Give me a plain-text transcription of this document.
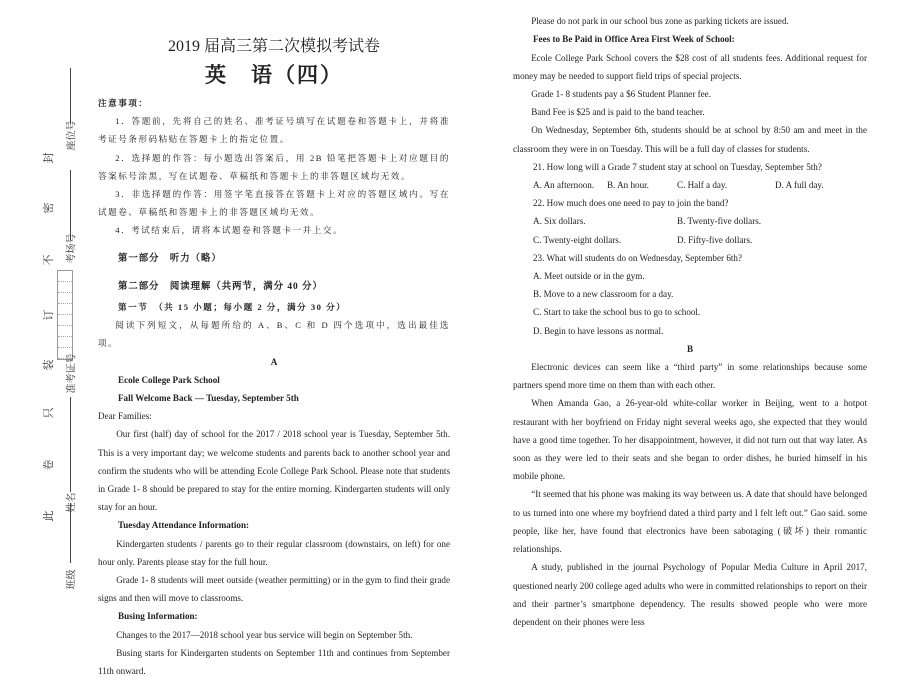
封
密
不
订
装
只
卷
此
座位号
考场号
准考证号
姓名
班级

2019 届高三第二次模拟考试卷

英　语（四）

注意事项：

1．答题前，先将自己的姓名、准考证号填写在试题卷和答题卡上，并将准考证号条形码粘贴在答题卡上的指定位置。

2．选择题的作答：每小题选出答案后，用 2B 铅笔把答题卡上对应题目的答案标号涂黑，写在试题卷、草稿纸和答题卡上的非答题区域均无效。

3．非选择题的作答：用签字笔直接答在答题卡上对应的答题区域内。写在试题卷、草稿纸和答题卡上的非答题区域均无效。

4．考试结束后，请将本试题卷和答题卡一并上交。

第一部分　听力（略）

第二部分　阅读理解（共两节，满分 40 分）

第一节　（共 15 小题；每小题 2 分，满分 30 分）

阅读下列短文，从每题所给的 A、B、C 和 D 四个选项中，选出最佳选项。

A

Ecole College Park School

Fall Welcome Back — Tuesday, September 5th

Dear Families:

Our first (half) day of school for the 2017 / 2018 school year is Tuesday, September 5th. This is a very important day; we welcome students and parents back to another school year and confirm the students who will be attending Ecole College Park School. Please note that students in Grade 1- 8 should be prepared to stay for the entire morning. Kindergarten students will only stay for an hour.

Tuesday Attendance Information:

Kindergarten students / parents go to their regular classroom (downstairs, on left) for one hour only. Parents please stay for the full hour.

Grade 1- 8 students will meet outside (weather permitting) or in the gym to find their grade signs and then will move to classrooms.

Busing Information:

Changes to the 2017—2018 school year bus service will begin on September 5th.

Busing starts for Kindergarten students on September 11th and continues from September 11th onward.

Please do not park in our school bus zone as parking tickets are issued.

Fees to Be Paid in Office Area First Week of School:

Ecole College Park School covers the $28 cost of all students fees. Additional request for money may be needed to support field trips of special projects.

Grade 1- 8 students pay a $6 Student Planner fee.

Band Fee is $25 and is paid to the band teacher.

On Wednesday, September 6th, students should be at school by 8:50 am and meet in the classroom they were in on Tuesday. This will be a full day of classes for students.

21. How long will a Grade 7 student stay at school on Tuesday, September 5th?

A. An afternoon.	B. An hour.	C. Half a day.	D. A full day.

22. How much does one need to pay to join the band?

A. Six dollars.	B. Twenty-five dollars.
C. Twenty-eight dollars.	D. Fifty-five dollars.

23. What will students do on Wednesday, September 6th?

A. Meet outside or in the gym.

B. Move to a new classroom for a day.

C. Start to take the school bus to go to school.

D. Begin to have lessons as normal.

B

Electronic devices can seem like a “third party” in some relationships because some partners spend more time on them than with each other.

When Amanda Gao, a 26-year-old white-collar worker in Beijing, went to a hotpot restaurant with her boyfriend on Friday night several weeks ago, she expected that they would have a good time together. To her disappointment, however, it did not turn out that way later. As soon as they were led to their seats and she began to order dishes, he buried himself in his mobile phone.

“It seemed that his phone was making its way between us. A date that should have belonged to us turned into one where my boyfriend dated a third party and I felt left out.” Gao said. some people, like her, have found that electronics have been sabotaging (破坏) their romantic relationships.

A study, published in the journal Psychology of Popular Media Culture in April 2017, questioned nearly 200 college aged adults who were in committed relationships to report on their and their partner’s smartphone dependency. The results showed people who were more dependent on their phones were less
